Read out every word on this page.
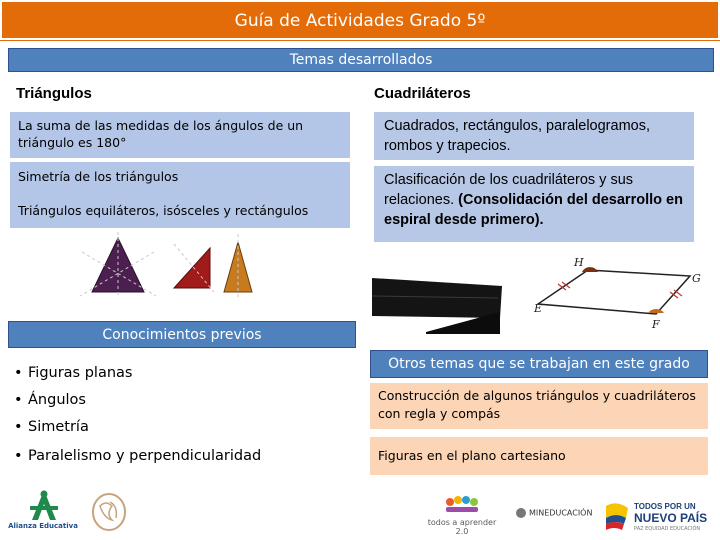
Guía de Actividades Grado 5º
Temas desarrollados
Triángulos
La suma de las medidas de los ángulos de un triángulo es 180°
Simetría de los triángulos
Triángulos equiláteros, isósceles y rectángulos
Cuadriláteros
Cuadrados, rectángulos, paralelogramos, rombos y trapecios.
Clasificación de los cuadriláteros y sus relaciones. (Consolidación del desarrollo en espiral desde primero).
H
G
E
F
Conocimientos previos
• Figuras planas
• Ángulos
• Simetría
• Paralelismo y perpendicularidad
Otros temas que se trabajan en este grado
Construcción de algunos triángulos y cuadriláteros con regla y compás
Figuras en el plano cartesiano
Alianza Educativa	todos a aprender 2.0
MINEDUCACIÓN
TODOS POR UN
NUEVO PAÍS
PAZ EQUIDAD EDUCACIÓN
